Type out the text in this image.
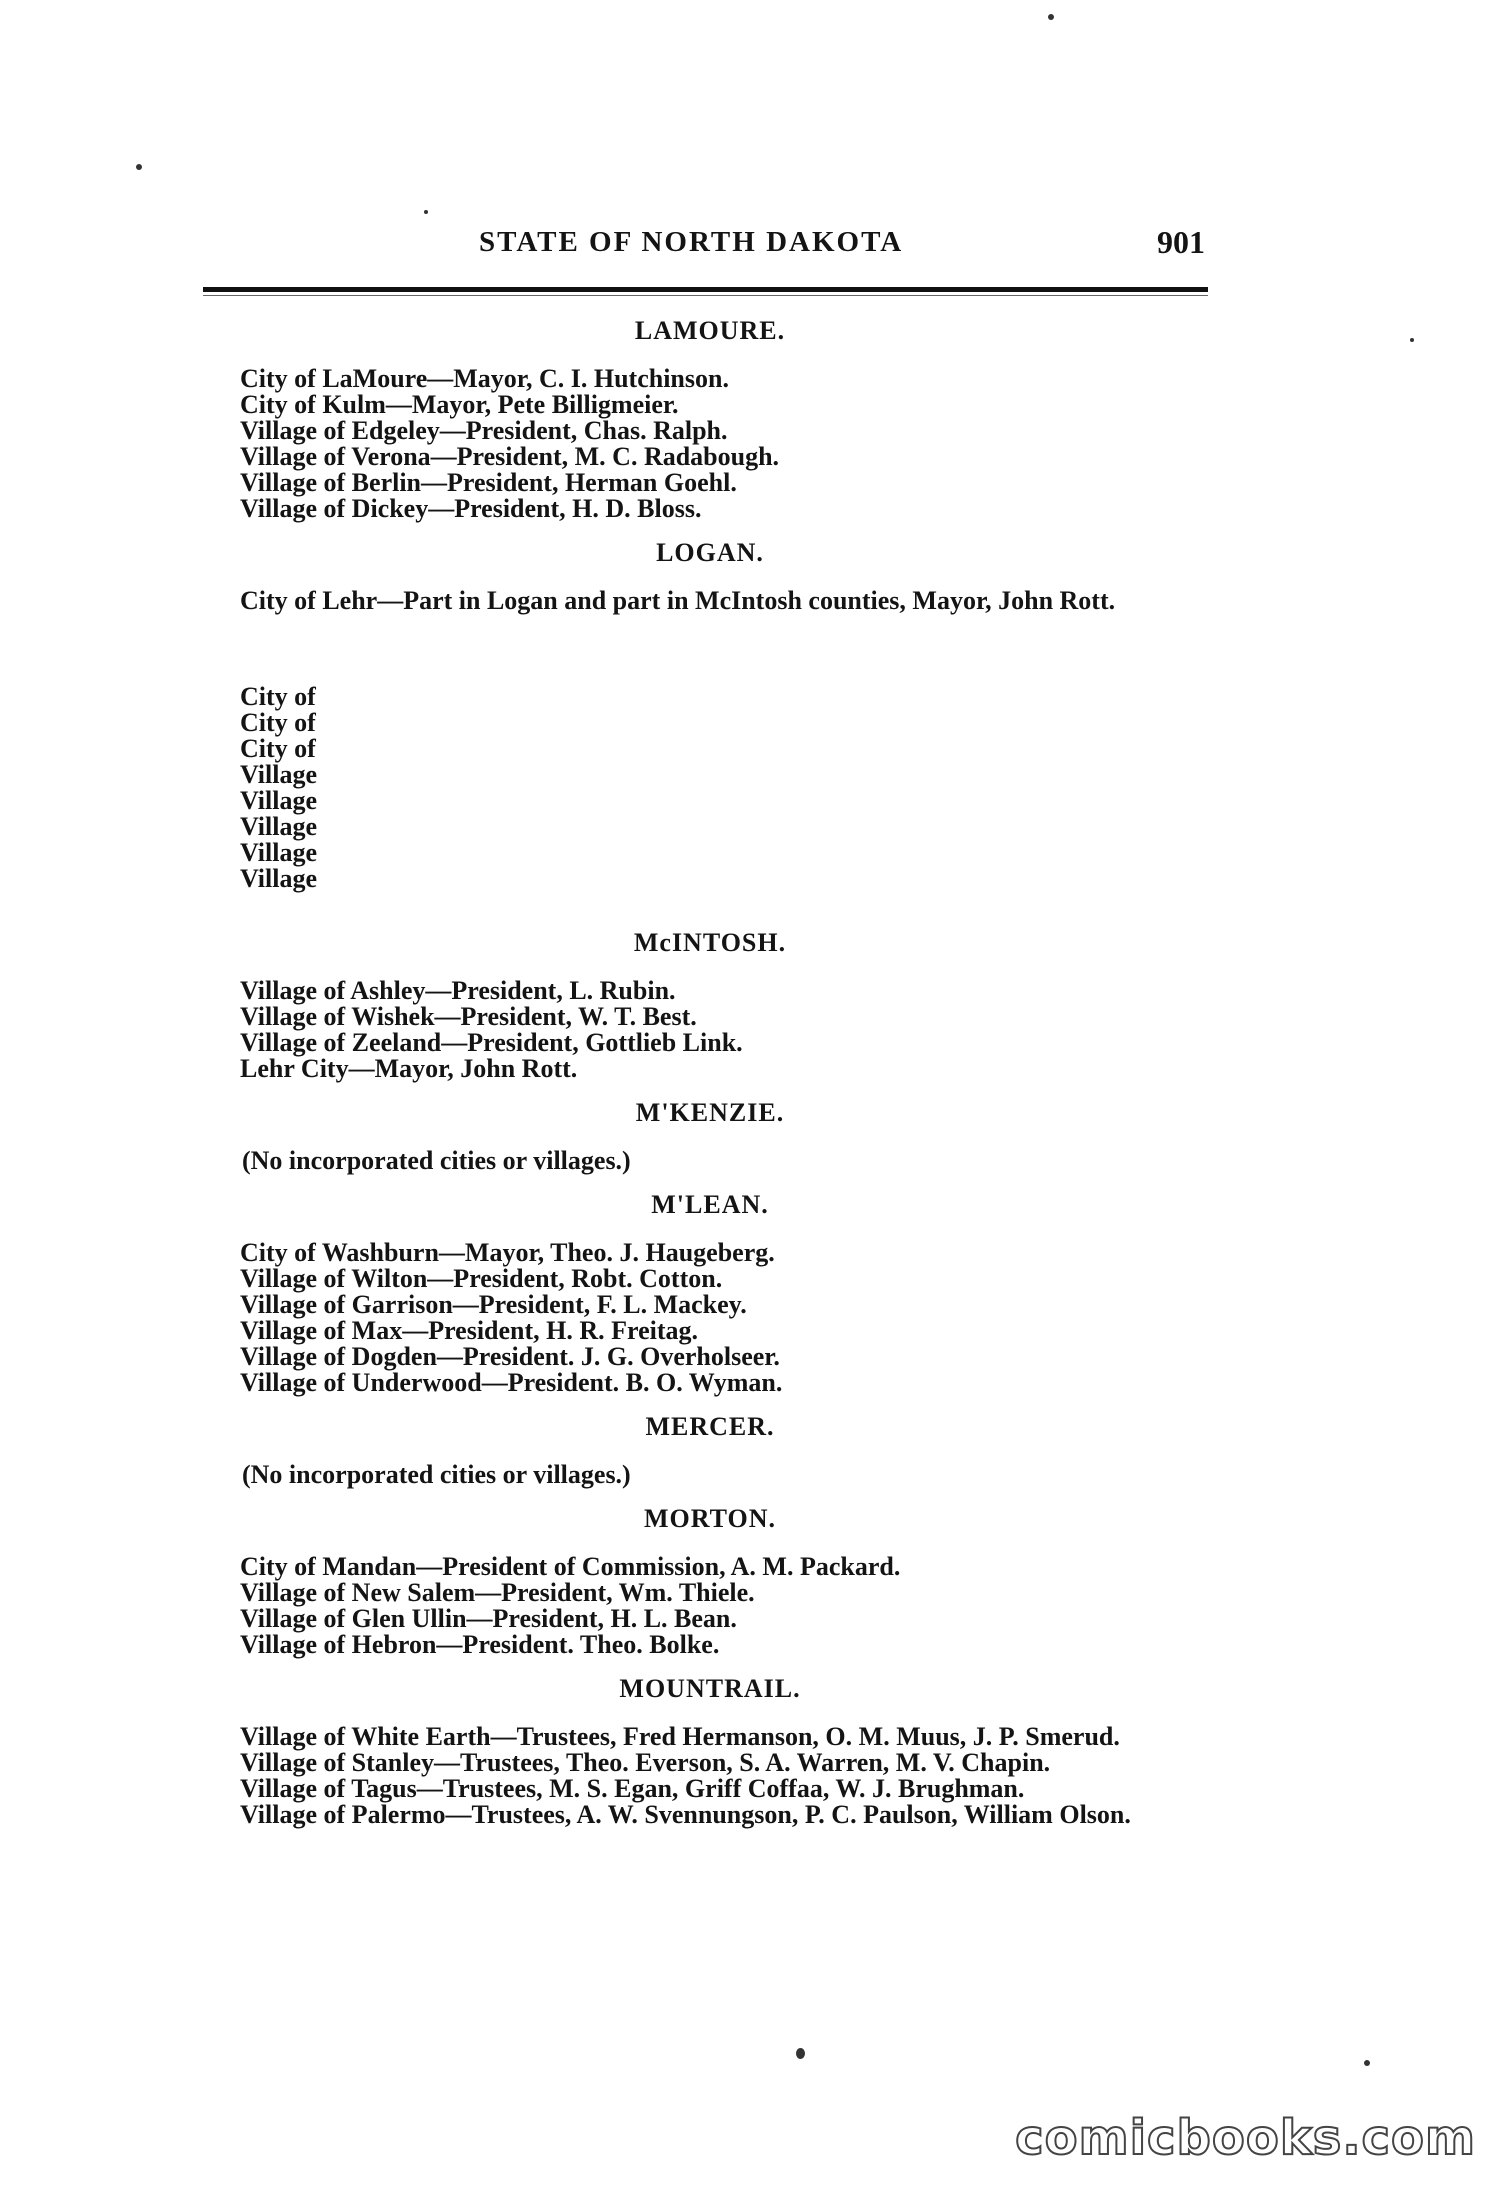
STATE OF NORTH DAKOTA	901
LAMOURE.
City of LaMoure—Mayor, C. I. Hutchinson.
City of Kulm—Mayor, Pete Billigmeier.
Village of Edgeley—President, Chas. Ralph.
Village of Verona—President, M. C. Radabough.
Village of Berlin—President, Herman Goehl.
Village of Dickey—President, H. D. Bloss.
LOGAN.
City of Lehr—Part in Logan and part in McIntosh counties, Mayor, John Rott.
City of
City of
City of
Village
Village
Village
Village
Village
McINTOSH.
Village of Ashley—President, L. Rubin.
Village of Wishek—President, W. T. Best.
Village of Zeeland—President, Gottlieb Link.
Lehr City—Mayor, John Rott.
M'KENZIE.
(No incorporated cities or villages.)
M'LEAN.
City of Washburn—Mayor, Theo. J. Haugeberg.
Village of Wilton—President, Robt. Cotton.
Village of Garrison—President, F. L. Mackey.
Village of Max—President, H. R. Freitag.
Village of Dogden—President. J. G. Overholseer.
Village of Underwood—President. B. O. Wyman.
MERCER.
(No incorporated cities or villages.)
MORTON.
City of Mandan—President of Commission, A. M. Packard.
Village of New Salem—President, Wm. Thiele.
Village of Glen Ullin—President, H. L. Bean.
Village of Hebron—President. Theo. Bolke.
MOUNTRAIL.
Village of White Earth—Trustees, Fred Hermanson, O. M. Muus, J. P. Smerud.
Village of Stanley—Trustees, Theo. Everson, S. A. Warren, M. V. Chapin.
Village of Tagus—Trustees, M. S. Egan, Griff Coffaa, W. J. Brughman.
Village of Palermo—Trustees, A. W. Svennungson, P. C. Paulson, William Olson.
comicbooks.com
